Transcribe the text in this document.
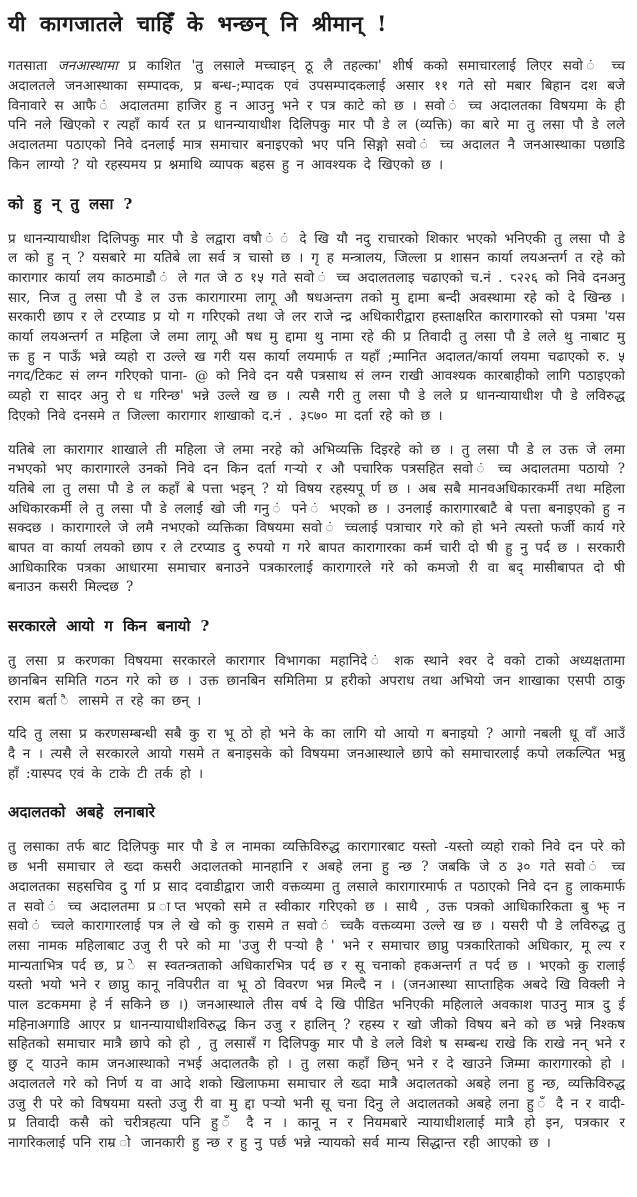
यी कागजातले चाहिँ के भन्छन् नि श्रीमान् !

गतसाता जनआस्थामा प्र काशित 'तु लसाले मच्चाइन् ठू लै तहल्का' शीर्ष कको समाचारलाई लिएर सवो ं च्च अदालतले जनआस्थाका सम्पादक, प्र बन्ध-;म्पादक एवं उपसम्पादकलाई असार ११ गते सो मबार बिहान दश बजे विनावारे स आफै ं अदालतमा हाजिर हु न आउनु भने र पत्र काटे को छ । सवो ं च्च अदालतका विषयमा के ही पनि नले खिएको र त्यहाँ कार्य रत प्र धानन्यायाधीश दिलिपकु मार पौ डे ल (व्यक्ति) का बारे मा तु लसा पौ डे लले अदालतमा पठाएको निवे दनलाई मात्र समाचार बनाइएको भए पनि सिङ्गो सवो ं च्च अदालत नै जनआस्थाका पछाडि किन लाग्यो ? यो रहस्यमय प्र श्नमाथि व्यापक बहस हु न आवश्यक दे खिएको छ ।

को हु न् तु लसा ?

प्र धानन्यायाधीश दिलिपकु मार पौ डे लद्वारा वषौ ं ं दे खि यौ नदु राचारको शिकार भएको भनिएकी तु लसा पौ डे ल को हु न् ? यसबारे मा यतिबे ला सर्व त्र चासो छ । गृ ह मन्त्रालय, जिल्ला प्र शासन कार्या लयअन्तर्ग त रहे को कारागार कार्या लय काठमाडौ ं ले गत जे ठ १५ गते सवो ं च्च अदालतलाइ चढाएको च.नं . ८२२६ को निवे दनअनु सार, निज तु लसा पौ डे ल उक्त कारागारमा लागू औ षधअन्तग तको मु द्दामा बन्दी अवस्थामा रहे को दे खिन्छ । सरकारी छाप र ले टरप्याड प्र यो ग गरिएको तथा जे लर राजे न्द्र अधिकारीद्वारा हस्ताक्षरित कारागारको सो पत्रमा 'यस कार्या लयअन्तर्ग त महिला जे लमा लागू औ षध मु द्दामा थु नामा रहे की प्र तिवादी तु लसा पौ डे लले थु नाबाट मु क्त हु न पाऊँ भन्ने व्यहो रा उल्ले ख गरी यस कार्या लयमार्फ त यहाँ ;म्मानित अदालत/कार्या लयमा चढाएको रु. ५ नगद/टिकट सं लग्न गरिएको पाना- @ को निवे दन यसै पत्रसाथ सं लग्न राखी आवश्यक कारबाहीको लागि पठाइएको व्यहो रा सादर अनु रो ध गरिन्छ' भन्ने उल्ले ख छ । त्यसै गरी तु लसा पौ डे लले प्र धानन्यायाधीश पौ डे लविरुद्ध दिएको निवे दनसमे त जिल्ला कारागार शाखाको द.नं . ३८७० मा दर्ता रहे को छ ।

यतिबे ला कारागार शाखाले ती महिला जे लमा नरहे को अभिव्यक्ति दिइरहे को छ । तु लसा पौ डे ल उक्त जे लमा नभएको भए कारागारले उनको निवे दन किन दर्ता गऱ्यो र औ पचारिक पत्रसहित सवो ं च्च अदालतमा पठायो ? यतिबे ला तु लसा पौ डे ल कहाँ बे पत्ता भइन् ? यो विषय रहस्यपू र्ण छ । अब सबै मानवअधिकारकर्मी तथा महिला अधिकारकर्मी ले तु लसा पौ डे ललाई खो जी गनु ं पने ं भएको छ । उनलाई कारागारबाटै बे पत्ता बनाइएको हु न सक्दछ । कारागारले जे लमै नभएको व्यक्तिका विषयमा सवो ं च्चलाई पत्राचार गरे को हो भने त्यस्तो फर्जी कार्य गरे बापत वा कार्या लयको छाप र ले टरप्याड दु रुपयो ग गरे बापत कारागारका कर्म चारी दो षी हु नु पर्द छ । सरकारी आधिकारिक पत्रका आधारमा समाचार बनाउने पत्रकारलाई कारागारले गरे को कमजो री वा बद् मासीबापत दो षी बनाउन कसरी मिल्दछ ?

सरकारले आयो ग किन बनायो ?

तु लसा प्र करणका विषयमा सरकारले कारागार विभागका महानिदे ं शक स्थाने श्वर दे वको टाको अध्यक्षतामा छानबिन समिति गठन गरे को छ । उक्त छानबिन समितिमा प्र हरीको अपराध तथा अभियो जन शाखाका एसपी ठाकु रराम बर्ता ै लासमे त रहे का छन् ।

यदि तु लसा प्र करणसम्बन्धी सबै कु रा भू ठो हो भने के का लागि यो आयो ग बनाइयो ? आगो नबली धू वाँ आउँ दै न । त्यसै ले सरकारले आयो गसमे त बनाइसके को विषयमा जनआस्थाले छापे को समाचारलाई कपो लकल्पित भन्नु हाँ :यास्पद एवं के टाके टी तर्क हो ।

अदालतको अबहे लनाबारे

तु लसाका तर्फ बाट दिलिपकु मार पौ डे ल नामका व्यक्तिविरुद्ध कारागारबाट यस्तो -यस्तो व्यहो राको निवे दन परे को छ भनी समाचार ले ख्दा कसरी अदालतको मानहानि र अबहे लना हु न्छ ? जबकि जे ठ ३० गते सवो ं च्च अदालतका सहसचिव दु र्गा प्र साद दवाडीद्वारा जारी वक्तव्यमा तु लसाले कारागारमार्फ त पठाएको निवे दन हु लाकमार्फ त सवो ं च्च अदालतमा प्र ाप्त भएको समे त स्वीकार गरिएको छ । साथै , उक्त पत्रको आधिकारिकता बु झ् न सवो ं च्चले कारागारलाई पत्र ले खे को कु रासमे त सवो ं च्चकै वक्तव्यमा उल्ले ख छ । यसरी पौ डे लविरुद्ध तु लसा नामक महिलाबाट उजु री परे को मा 'उजु री पऱ्यो है ' भने र समाचार छाप्नु पत्रकारिताको अधिकार, मू ल्य र मान्यताभित्र पर्द छ, प्र े स स्वतन्त्रताको अधिकारभित्र पर्द छ र सू चनाको हकअन्तर्ग त पर्द छ । भएको कु रालाई यस्तो भयो भने र छाप्नु कानू नविपरीत वा भू ठो विवरण भन्न मिल्दै न । (जनआस्था साप्ताहिक अबदे खि विक्ली ने पाल डटकममा हे र्न सकिने छ ।) जनआस्थाले तीस वर्ष दे खि पीडित भनिएकी महिलाले अवकाश पाउनु मात्र दु ई महिनाअगाडि आएर प्र धानन्यायाधीशविरुद्ध किन उजु र हालिन् ? रहस्य र खो जीको विषय बने को छ भन्ने निश्कष सहितको समाचार मात्रै छापे को हो , तु लसासँ ग दिलिपकु मार पौ डे लले विशे ष सम्बन्ध राखे कि राखे नन् भने र छु ट् याउने काम जनआस्थाको नभई अदालतकै हो । तु लसा कहाँ छिन् भने र दे खाउने जिम्मा कारागारको हो । अदालतले गरे को निर्ण य वा आदे शको खिलाफमा समाचार ले ख्दा मात्रै अदालतको अबहे लना हु न्छ, व्यक्तिविरुद्ध उजु री परे को विषयमा यस्तो उजु री वा मु द्दा पऱ्यो भनी सू चना दिनु ले अदालतको अबहे लना हु ँ दै न र वादी-प्र तिवादी कसै को चरीत्रहत्या पनि हु ँ दै न । कानू न र नियमबारे न्यायाधीशलाई मात्रै हो इन, पत्रकार र नागरिकलाई पनि राम्र ो जानकारी हु न्छ र हु नु पर्छ भन्ने न्यायको सर्व मान्य सिद्धान्त रही आएको छ ।
